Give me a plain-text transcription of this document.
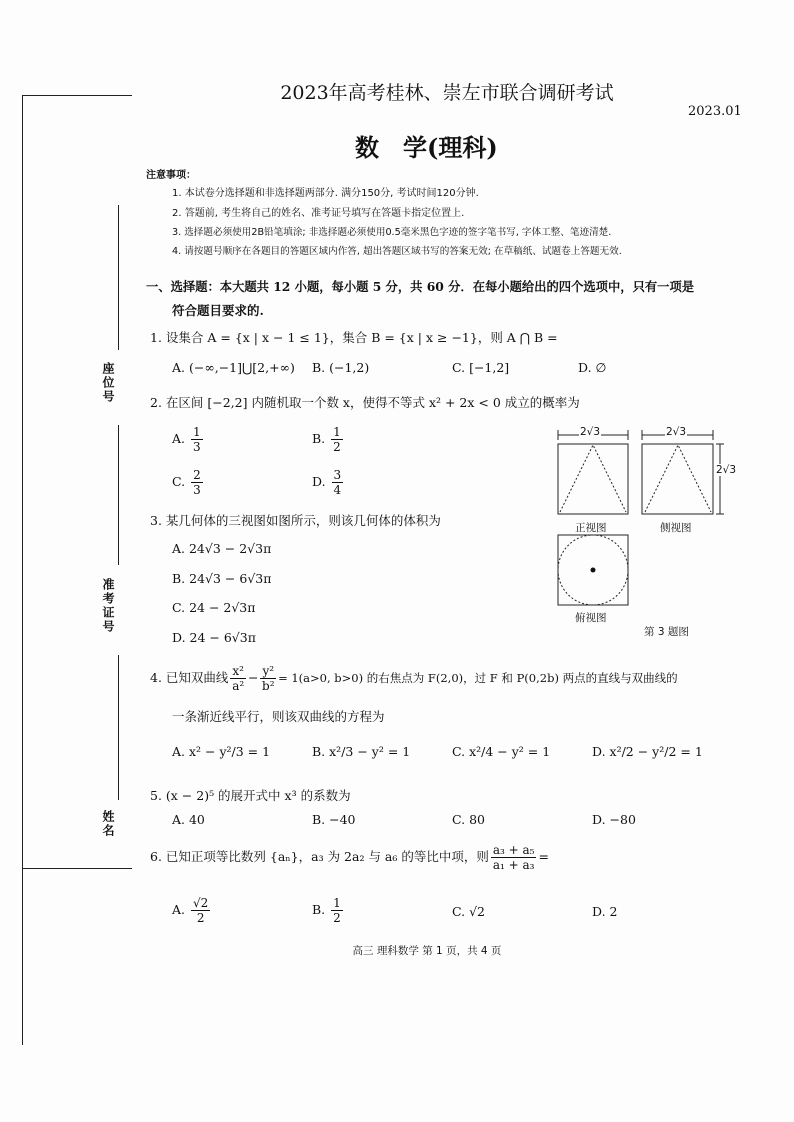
座位号
准考证号
姓名
2023年高考桂林、崇左市联合调研考试
2023.01
数　学(理科)
注意事项：
1. 本试卷分选择题和非选择题两部分. 满分150分, 考试时间120分钟.
2. 答题前, 考生将自己的姓名、准考证号填写在答题卡指定位置上.
3. 选择题必须使用2B铅笔填涂; 非选择题必须使用0.5毫米黑色字迹的签字笔书写, 字体工整、笔迹清楚.
4. 请按题号顺序在各题目的答题区域内作答, 超出答题区域书写的答案无效; 在草稿纸、试题卷上答题无效.
一、选择题：本大题共 12 小题，每小题 5 分，共 60 分．在每小题给出的四个选项中，只有一项是
符合题目要求的.
1. 设集合 A = {x | x − 1 ≤ 1}，集合 B = {x | x ≥ −1}，则 A ⋂ B =
A. (−∞,−1]⋃[2,+∞) B. (−1,2)	C. [−1,2]	D. ∅
2. 在区间 [−2,2] 内随机取一个数 x，使得不等式 x² + 2x < 0 成立的概率为
A. $\frac{1}{3}$	B. $\frac{1}{2}$
C. $\frac{2}{3}$	D. $\frac{3}{4}$
3. 某几何体的三视图如图所示，则该几何体的体积为
A. 24√3 − 2√3π
B. 24√3 − 6√3π
C. 24 − 2√3π
D. 24 − 6√3π
2√3	2√3
2√3
正视图	侧视图
俯视图
第 3 题图
4. 已知双曲线 $\frac{\text{x²}}{\text{a²}} - \frac{\text{y²}}{\text{b²}} = 1(a>0$, b>0) 的右焦点为 F(2,0)，过 F 和 P(0,2b) 两点的直线与双曲线的
一条渐近线平行，则该双曲线的方程为
A. x² − y²/3 = 1	B. x²/3 − y² = 1	C. x²/4 − y² = 1	D. x²/2 − y²/2 = 1
5. (x − 2)⁵ 的展开式中 x³ 的系数为
A. 40	B. −40	C. 80	D. −80
6. 已知正项等比数列 {aₙ}，a₃ 为 2a₂ 与 a₆ 的等比中项，则 $\frac{\text{a₃ + a₅}}{\text{a₁ + a₃}}$ =
A. $\frac{√2}{2}$	B. $\frac{1}{2}$	C. √2	D. 2
高三 理科数学 第 1 页，共 4 页
